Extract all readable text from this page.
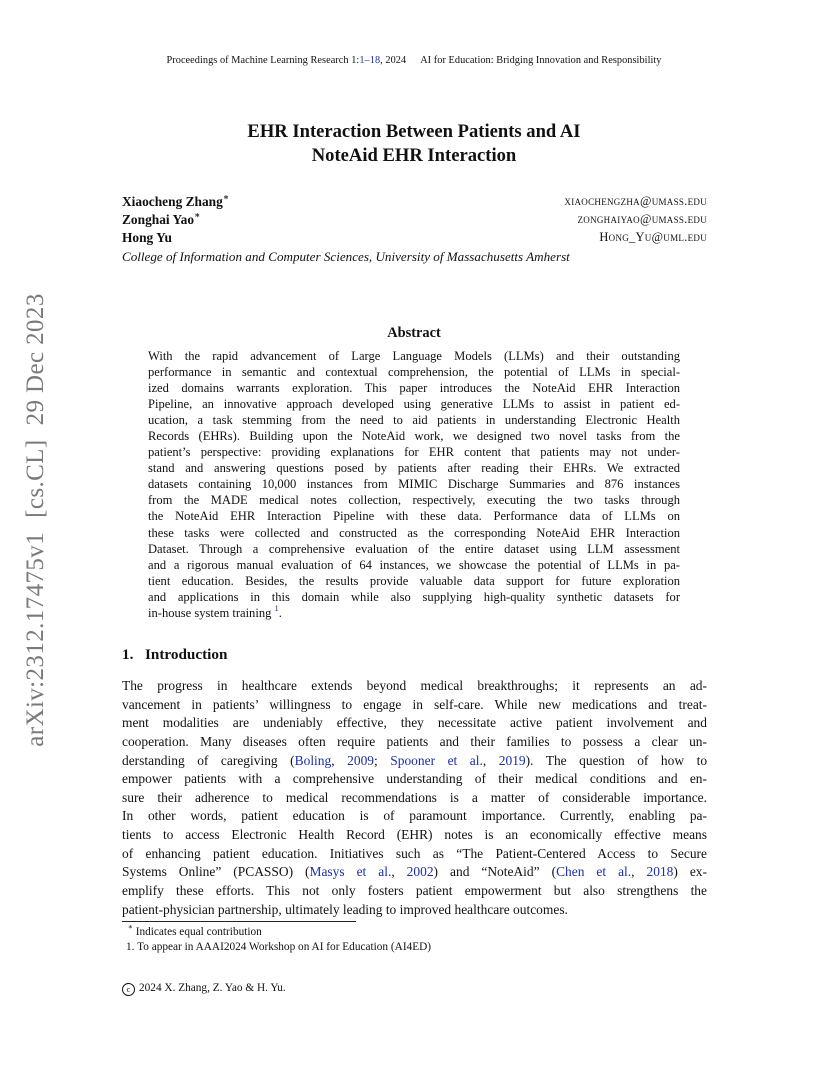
Proceedings of Machine Learning Research 1:1–18, 2024 AI for Education: Bridging Innovation and Responsibility
EHR Interaction Between Patients and AI
NoteAid EHR Interaction
Xiaocheng Zhang∗	xiaochengzha@umass.edu
Zonghai Yao∗	zonghaiyao@umass.edu
Hong Yu	Hong_Yu@uml.edu
College of Information and Computer Sciences, University of Massachusetts Amherst
arXiv:2312.17475v1[cs.CL]29 Dec 2023	Abstract
With the rapid advancement of Large Language Models (LLMs) and their outstanding
performance in semantic and contextual comprehension, the potential of LLMs in special-
ized domains warrants exploration. This paper introduces the NoteAid EHR Interaction
Pipeline, an innovative approach developed using generative LLMs to assist in patient ed-
ucation, a task stemming from the need to aid patients in understanding Electronic Health
Records (EHRs). Building upon the NoteAid work, we designed two novel tasks from the
patient’s perspective: providing explanations for EHR content that patients may not under-
stand and answering questions posed by patients after reading their EHRs. We extracted
datasets containing 10,000 instances from MIMIC Discharge Summaries and 876 instances
from the MADE medical notes collection, respectively, executing the two tasks through
the NoteAid EHR Interaction Pipeline with these data. Performance data of LLMs on
these tasks were collected and constructed as the corresponding NoteAid EHR Interaction
Dataset. Through a comprehensive evaluation of the entire dataset using LLM assessment
and a rigorous manual evaluation of 64 instances, we showcase the potential of LLMs in pa-
tient education. Besides, the results provide valuable data support for future exploration
and applications in this domain while also supplying high-quality synthetic datasets for
in-house system training $^1$.
1. Introduction
The progress in healthcare extends beyond medical breakthroughs; it represents an ad-
vancement in patients’ willingness to engage in self-care. While new medications and treat-
ment modalities are undeniably effective, they necessitate active patient involvement and
cooperation. Many diseases often require patients and their families to possess a clear un-
derstanding of caregiving (Boling, 2009; Spooner et al., 2019). The question of how to
empower patients with a comprehensive understanding of their medical conditions and en-
sure their adherence to medical recommendations is a matter of considerable importance.
In other words, patient education is of paramount importance. Currently, enabling pa-
tients to access Electronic Health Record (EHR) notes is an economically effective means
of enhancing patient education. Initiatives such as “The Patient-Centered Access to Secure
Systems Online” (PCASSO) (Masys et al., 2002) and “NoteAid” (Chen et al., 2018) ex-
emplify these efforts. This not only fosters patient empowerment but also strengthens the
patient-physician partnership, ultimately leading to improved healthcare outcomes.
∗ Indicates equal contribution
1. To appear in AAAI2024 Workshop on AI for Education (AI4ED)
c 2024 X. Zhang, Z. Yao & H. Yu.
